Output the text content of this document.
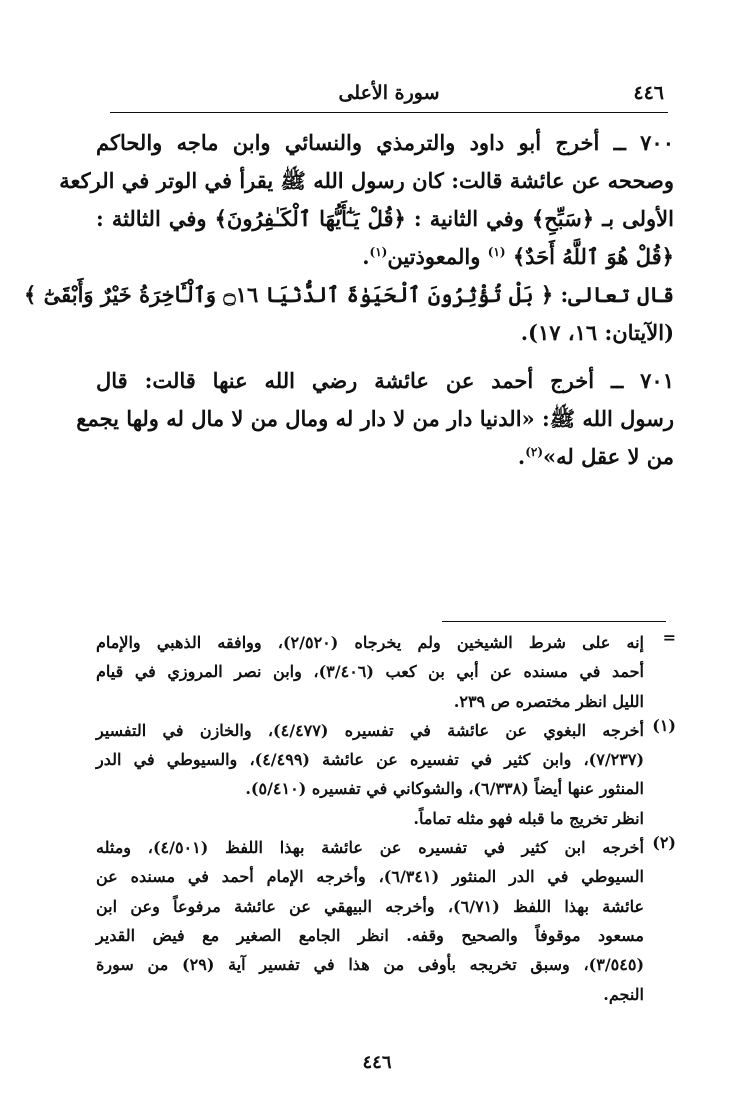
٤٤٦
سورة الأعلى
٧٠٠ ــ أخرج أبو داود والترمذي والنسائي وابن ماجه والحاكم
وصححه عن عائشة قالت: كان رسول الله ﷺ يقرأ في الوتر في الركعة
الأولى بـ ﴿سَبِّحِ﴾ وفي الثانية : ﴿قُلْ يَـٰٓأَيُّهَا ٱلْكَـٰفِرُونَ﴾ وفي الثالثة :
﴿قُلْ هُوَ ٱللَّهُ أَحَدٌ﴾ $^{(١)}$ والمعوذتين$^{(١)}$.
قال تعالى: ﴿ بَلْ تُؤْثِرُونَ ٱلْحَيَوٰةَ ٱلدُّنْيَا ۝١٦ وَٱلْـَٔاخِرَةُ خَيْرٌ وَأَبْقَىٰٓ ﴾
(الآيتان: ١٦، ١٧).
٧٠١ ــ أخرج أحمد عن عائشة رضي الله عنها قالت: قال
رسول الله ﷺ: «الدنيا دار من لا دار له ومال من لا مال له ولها يجمع
من لا عقل له»$^{(٢)}$.
=
إنه على شرط الشيخين ولم يخرجاه (٢/٥٢٠)، ووافقه الذهبي والإمام
أحمد في مسنده عن أبي بن كعب (٣/٤٠٦)، وابن نصر المروزي في قيام
الليل انظر مختصره ص ٢٣٩.
(١)
أخرجه البغوي عن عائشة في تفسيره (٤/٤٧٧)، والخازن في التفسير
(٧/٢٣٧)، وابن كثير في تفسيره عن عائشة (٤/٤٩٩)، والسيوطي في الدر
المنثور عنها أيضاً (٦/٣٣٨)، والشوكاني في تفسيره (٥/٤١٠).
انظر تخريج ما قبله فهو مثله تماماً.
(٢)
أخرجه ابن كثير في تفسيره عن عائشة بهذا اللفظ (٤/٥٠١)، ومثله
السيوطي في الدر المنثور (٦/٣٤١)، وأخرجه الإمام أحمد في مسنده عن
عائشة بهذا اللفظ (٦/٧١)، وأخرجه البيهقي عن عائشة مرفوعاً وعن ابن
مسعود موقوفاً والصحيح وقفه. انظر الجامع الصغير مع فيض القدير
(٣/٥٤٥)، وسبق تخريجه بأوفى من هذا في تفسير آية (٢٩) من سورة
النجم.
٤٤٦
